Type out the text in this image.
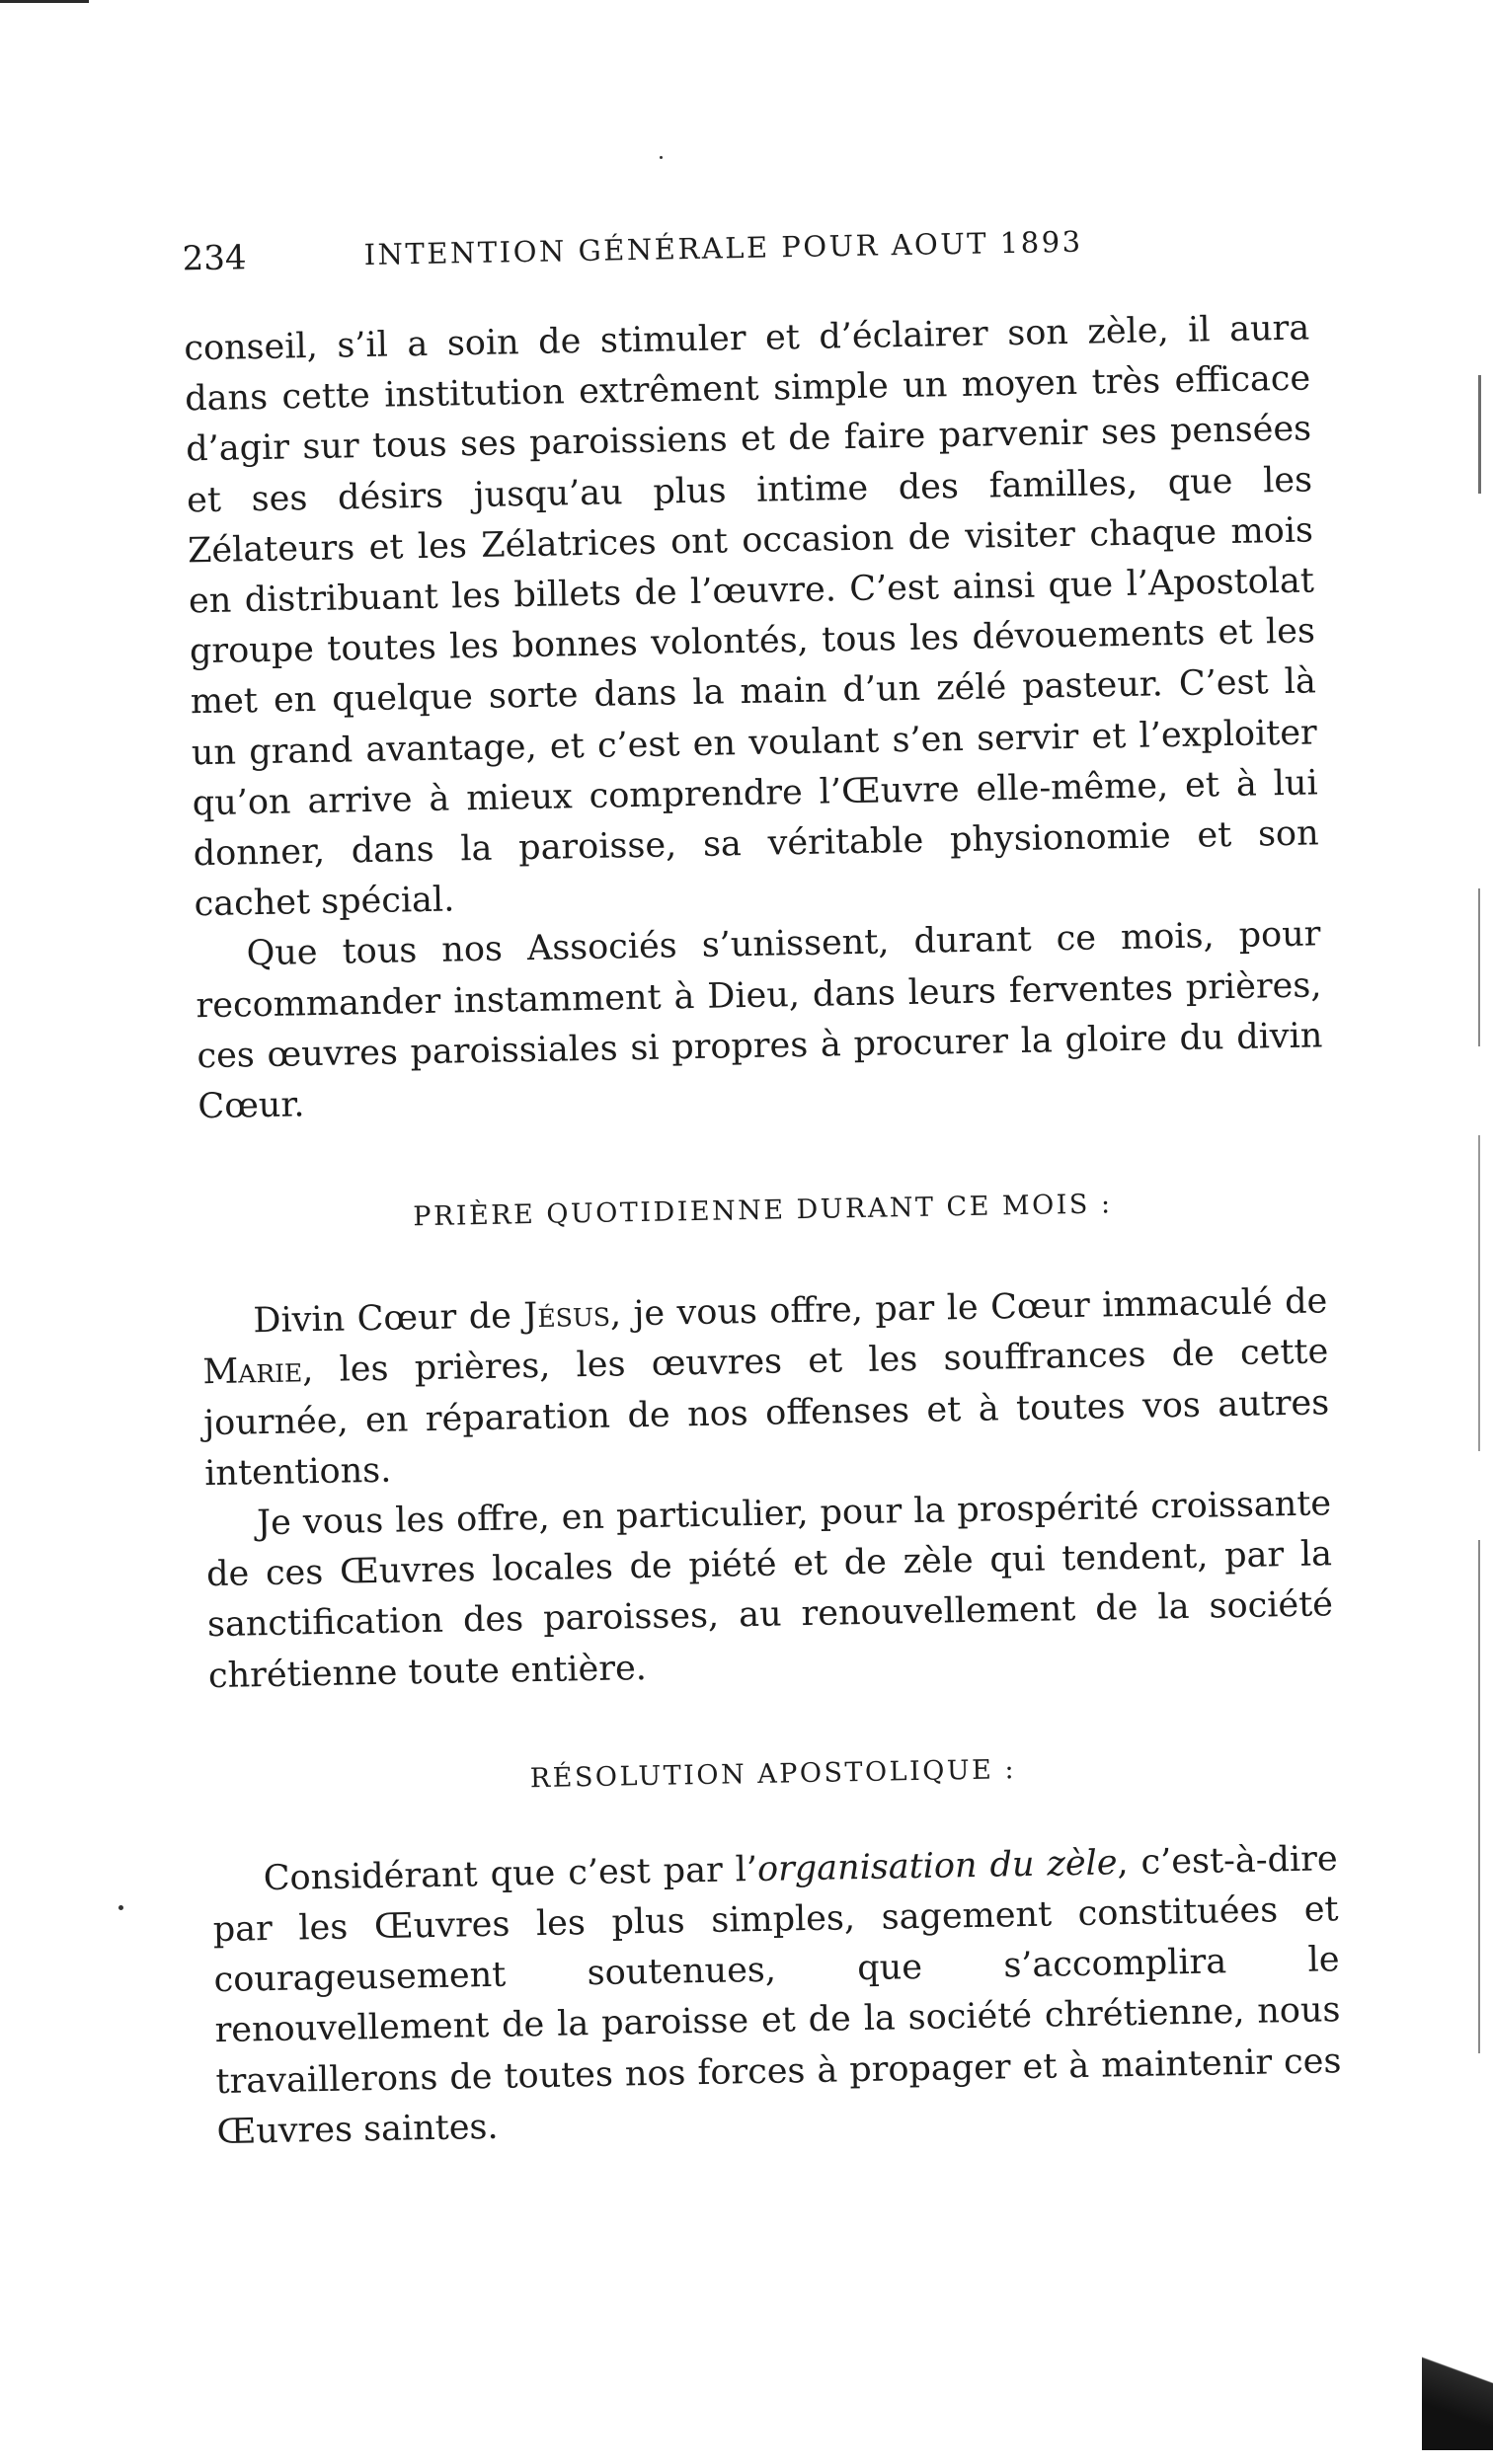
234	INTENTION GÉNÉRALE POUR AOUT 1893

conseil, s’il a soin de stimuler et d’éclairer son zèle, il aura dans cette institution extrêment simple un moyen très efficace d’agir sur tous ses paroissiens et de faire parvenir ses pensées et ses désirs jusqu’au plus intime des familles, que les Zélateurs et les Zélatrices ont occasion de visiter chaque mois en distribuant les billets de l’œuvre. C’est ainsi que l’Apostolat groupe toutes les bonnes volontés, tous les dévouements et les met en quelque sorte dans la main d’un zélé pasteur. C’est là un grand avantage, et c’est en voulant s’en servir et l’exploiter qu’on arrive à mieux comprendre l’Œuvre elle-même, et à lui donner, dans la paroisse, sa véritable physionomie et son cachet spécial.

Que tous nos Associés s’unissent, durant ce mois, pour recommander instamment à Dieu, dans leurs ferventes prières, ces œuvres paroissiales si propres à procurer la gloire du divin Cœur.

PRIÈRE QUOTIDIENNE DURANT CE MOIS :

Divin Cœur de Jésus, je vous offre, par le Cœur immaculé de Marie, les prières, les œuvres et les souffrances de cette journée, en réparation de nos offenses et à toutes vos autres intentions.

Je vous les offre, en particulier, pour la prospérité croissante de ces Œuvres locales de piété et de zèle qui tendent, par la sanctification des paroisses, au renouvellement de la société chrétienne toute entière.

RÉSOLUTION APOSTOLIQUE :

Considérant que c’est par l’organisation du zèle, c’est-à-dire par les Œuvres les plus simples, sagement constituées et courageusement soutenues, que s’accomplira le renouvellement de la paroisse et de la société chrétienne, nous travaillerons de toutes nos forces à propager et à maintenir ces Œuvres saintes.
